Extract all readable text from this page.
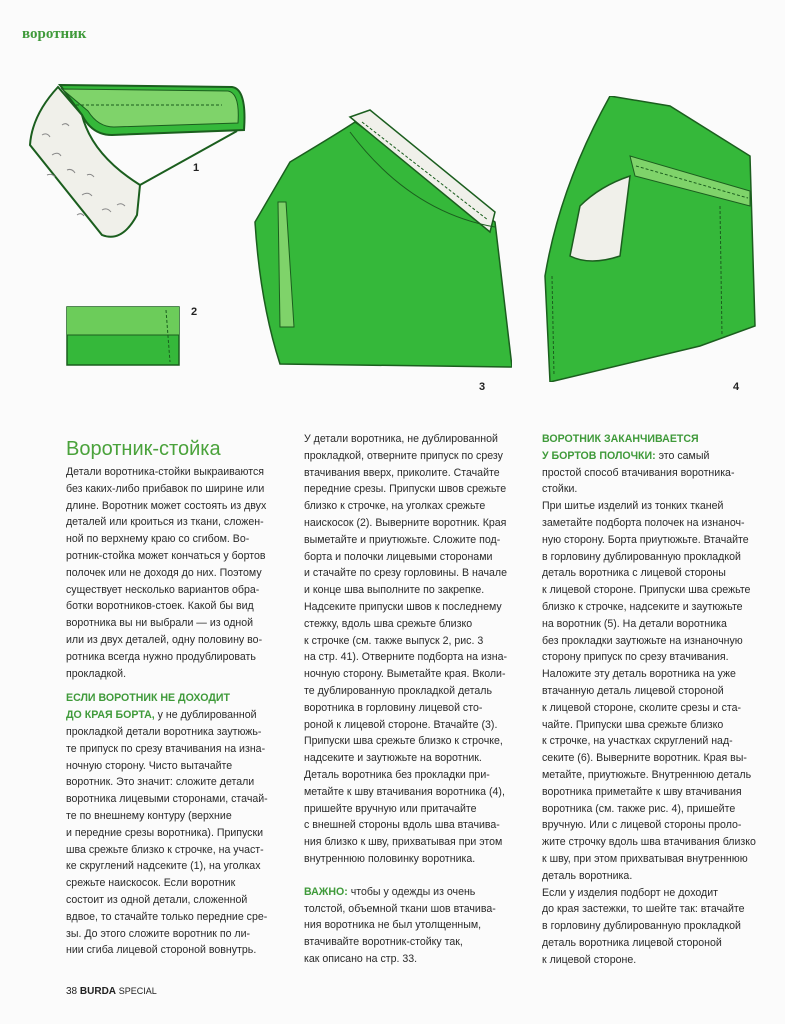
воротник
1
2
3	4
Воротник-стойка

Детали воротника-стойки выкраиваются

без каких-либо прибавок по ширине или

длине. Воротник может состоять из двух

деталей или кроиться из ткани, сложен-

ной по верхнему краю со сгибом. Во-

ротник-стойка может кончаться у бортов

полочек или не доходя до них. Поэтому

существует несколько вариантов обра-

ботки воротников-стоек. Какой бы вид

воротника вы ни выбрали — из одной

или из двух деталей, одну половину во-

ротника всегда нужно продублировать

прокладкой.

ЕСЛИ ВОРОТНИК НЕ ДОХОДИТ

ДО КРАЯ БОРТА, у не дублированной

прокладкой детали воротника заутюжь-

те припуск по срезу втачивания на изна-

ночную сторону. Чисто вытачайте

воротник. Это значит: сложите детали

воротника лицевыми сторонами, стачай-

те по внешнему контуру (верхние

и передние срезы воротника). Припуски

шва срежьте близко к строчке, на участ-

ке скруглений надсеките (1), на уголках

срежьте наискосок. Если воротник

состоит из одной детали, сложенной

вдвое, то стачайте только передние сре-

зы. До этого сложите воротник по ли-

нии сгиба лицевой стороной вовнутрь.

У детали воротника, не дублированной

прокладкой, отверните припуск по срезу

втачивания вверх, приколите. Стачайте

передние срезы. Припуски швов срежьте

близко к строчке, на уголках срежьте

наискосок (2). Выверните воротник. Края

выметайте и приутюжьте. Сложите под-

борта и полочки лицевыми сторонами

и стачайте по срезу горловины. В начале

и конце шва выполните по закрепке.

Надсеките припуски швов к последнему

стежку, вдоль шва срежьте близко

к строчке (см. также выпуск 2, рис. 3

на стр. 41). Отверните подборта на изна-

ночную сторону. Выметайте края. Вколи-

те дублированную прокладкой деталь

воротника в горловину лицевой сто-

роной к лицевой стороне. Втачайте (3).

Припуски шва срежьте близко к строчке,

надсеките и заутюжьте на воротник.

Деталь воротника без прокладки при-

метайте к шву втачивания воротника (4),

пришейте вручную или притачайте

с внешней стороны вдоль шва втачива-

ния близко к шву, прихватывая при этом

внутреннюю половинку воротника.

ВАЖНО: чтобы у одежды из очень

толстой, объемной ткани шов втачива-

ния воротника не был утолщенным,

втачивайте воротник-стойку так,

как описано на стр. 33.

ВОРОТНИК ЗАКАНЧИВАЕТСЯ

У БОРТОВ ПОЛОЧКИ: это самый

простой способ втачивания воротника-

стойки.

При шитье изделий из тонких тканей

заметайте подборта полочек на изнаноч-

ную сторону. Борта приутюжьте. Втачайте

в горловину дублированную прокладкой

деталь воротника с лицевой стороны

к лицевой стороне. Припуски шва срежьте

близко к строчке, надсеките и заутюжьте

на воротник (5). На детали воротника

без прокладки заутюжьте на изнаночную

сторону припуск по срезу втачивания.

Наложите эту деталь воротника на уже

втачанную деталь лицевой стороной

к лицевой стороне, сколите срезы и ста-

чайте. Припуски шва срежьте близко

к строчке, на участках скруглений над-

секите (6). Выверните воротник. Края вы-

метайте, приутюжьте. Внутреннюю деталь

воротника приметайте к шву втачивания

воротника (см. также рис. 4), пришейте

вручную. Или с лицевой стороны проло-

жите строчку вдоль шва втачивания близко

к шву, при этом прихватывая внутреннюю

деталь воротника.

Если у изделия подборт не доходит

до края застежки, то шейте так: втачайте

в горловину дублированную прокладкой

деталь воротника лицевой стороной

к лицевой стороне.

38 BURDA SPECIAL
